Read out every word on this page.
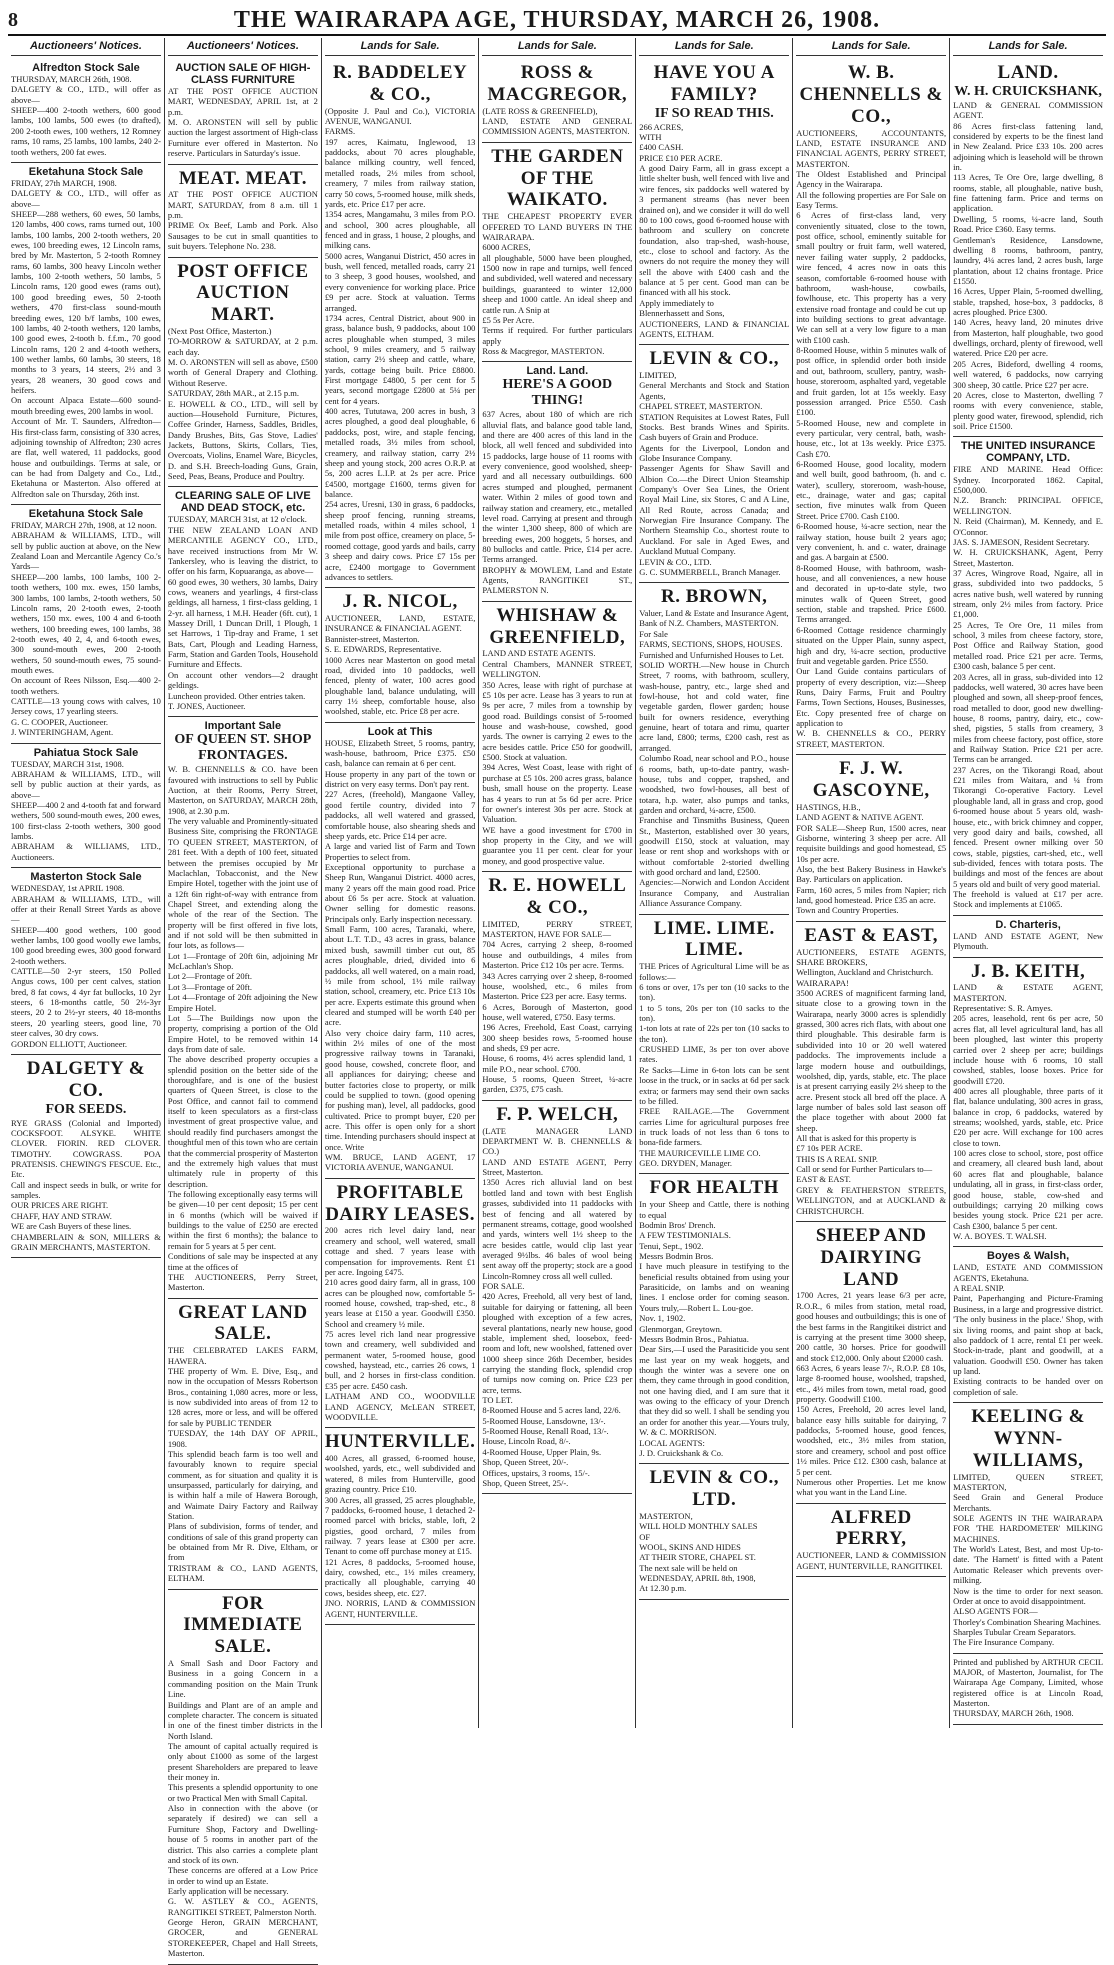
8	THE WAIRARAPA AGE, THURSDAY, MARCH 26, 1908.
Auctioneers' Notices.
Alfredton Stock Sale
THURSDAY, MARCH 26th, 1908.
DALGETY & CO., LTD., will offer as above—
SHEEP—400 2-tooth wethers, 600 good lambs, 100 lambs, 500 ewes (to drafted), 200 2-tooth ewes, 100 wethers, 12 Romney rams, 10 rams, 25 lambs, 100 lambs, 240 2-tooth wethers, 200 fat ewes.
Eketahuna Stock Sale
FRIDAY, 27th MARCH, 1908.
DALGETY & CO., LTD., will offer as above—
SHEEP—288 wethers, 60 ewes, 50 lambs, 120 lambs, 400 cows, rams turned out, 100 lambs, 100 lambs, 200 2-tooth wethers, 20 ewes, 100 breeding ewes, 12 Lincoln rams, bred by Mr. Masterton, 5 2-tooth Romney rams, 60 lambs, 300 heavy Lincoln wether lambs, 100 2-tooth wethers, 50 lambs, 5 Lincoln rams, 120 good ewes (rams out), 100 good breeding ewes, 50 2-tooth wethers, 470 first-class sound-mouth breeding ewes, 120 b/f lambs, 100 ewes, 100 lambs, 40 2-tooth wethers, 120 lambs, 100 good ewes, 2-tooth b. f.f.m., 70 good Lincoln rams, 120 2 and 4-tooth wethers, 100 wether lambs, 60 lambs, 30 steers, 18 months to 3 years, 14 steers, 2½ and 3 years, 28 weaners, 30 good cows and heifers.
On account Alpaca Estate—600 sound-mouth breeding ewes, 200 lambs in wool.
Account of Mr. T. Saunders, Alfredton—His first-class farm, consisting of 330 acres, adjoining township of Alfredton; 230 acres are flat, well watered, 11 paddocks, good house and outbuildings. Terms at sale, or can be had from Dalgety and Co., Ltd., Eketahuna or Masterton. Also offered at Alfredton sale on Thursday, 26th inst.
Eketahuna Stock Sale
FRIDAY, MARCH 27th, 1908, at 12 noon.
ABRAHAM & WILLIAMS, LTD., will sell by public auction at above, on the New Zealand Loan and Mercantile Agency Co.'s Yards—
SHEEP—200 lambs, 100 lambs, 100 2-tooth wethers, 100 mx. ewes, 150 lambs, 300 lambs, 100 lambs, 2-tooth wethers, 50 Lincoln rams, 20 2-tooth ewes, 2-tooth wethers, 150 mx. ewes, 100 4 and 6-tooth wethers, 100 breeding ewes, 100 lambs, 38 2-tooth ewes, 40 2, 4, and 6-tooth ewes, 300 sound-mouth ewes, 200 2-tooth wethers, 50 sound-mouth ewes, 75 sound-mouth ewes.
On account of Rees Nilsson, Esq.—400 2-tooth wethers.
CATTLE—13 young cows with calves, 10 Jersey cows, 17 yearling steers.
G. C. COOPER, Auctioneer.
J. WINTERINGHAM, Agent.
Pahiatua Stock Sale
TUESDAY, MARCH 31st, 1908.
ABRAHAM & WILLIAMS, LTD., will sell by public auction at their yards, as above—
SHEEP—400 2 and 4-tooth fat and forward wethers, 500 sound-mouth ewes, 200 ewes, 100 first-class 2-tooth wethers, 300 good lambs.
ABRAHAM & WILLIAMS, LTD., Auctioneers.
Masterton Stock Sale
WEDNESDAY, 1st APRIL 1908.
ABRAHAM & WILLIAMS, LTD., will offer at their Renall Street Yards as above—
SHEEP—400 good wethers, 100 good wether lambs, 100 good woolly ewe lambs, 100 good breeding ewes, 300 good forward 2-tooth wethers.
CATTLE—50 2-yr steers, 150 Polled Angus cows, 100 per cent calves, station bred, 8 fat cows, 4 4yr fat bullocks, 10 2yr steers, 6 18-months cattle, 50 2½-3yr steers, 20 2 to 2½-yr steers, 40 18-months steers, 20 yearling steers, good line, 70 steer calves, 30 dry cows.
GORDON ELLIOTT, Auctioneer.
DALGETY & CO.
FOR SEEDS.
RYE GRASS (Colonial and Imported) COCKSFOOT. ALSYKE. WHITE CLOVER. FIORIN. RED CLOVER. TIMOTHY. COWGRASS. POA PRATENSIS. CHEWING'S FESCUE. Etc., Etc.
Call and inspect seeds in bulk, or write for samples.
OUR PRICES ARE RIGHT.
CHAFF, HAY AND STRAW.
WE are Cash Buyers of these lines.
CHAMBERLAIN & SON, MILLERS & GRAIN MERCHANTS, MASTERTON.
Auctioneers' Notices.
AUCTION SALE OF HIGH-CLASS FURNITURE
AT THE POST OFFICE AUCTION MART, WEDNESDAY, APRIL 1st, at 2 p.m.
M. O. ARONSTEN will sell by public auction the largest assortment of High-class Furniture ever offered in Masterton. No reserve. Particulars in Saturday's issue.
MEAT. MEAT.
AT THE POST OFFICE AUCTION MART, SATURDAY, from 8 a.m. till 1 p.m.
PRIME Ox Beef, Lamb and Pork. Also Sausages to be cut in small quantities to suit buyers. Telephone No. 238.
POST OFFICE AUCTION MART.
(Next Post Office, Masterton.)
TO-MORROW & SATURDAY, at 2 p.m. each day.
M. O. ARONSTEN will sell as above, £500 worth of General Drapery and Clothing. Without Reserve.
SATURDAY, 28th MAR., at 2.15 p.m.
E. HOWELL & CO., LTD., will sell by auction—Household Furniture, Pictures, Coffee Grinder, Harness, Saddles, Bridles, Dandy Brushes, Bits, Gas Stove, Ladies' Jackets, Buttons, Skirts, Collars, Ties, Overcoats, Violins, Enamel Ware, Bicycles, D. and S.H. Breech-loading Guns, Grain, Seed, Peas, Beans, Produce and Poultry.
CLEARING SALE OF LIVE AND DEAD STOCK, etc.
TUESDAY, MARCH 31st, at 12 o'clock.
THE NEW ZEALAND LOAN AND MERCANTILE AGENCY CO., LTD., have received instructions from Mr W. Tankersley, who is leaving the district, to offer on his farm, Kopuaranga, as above—
60 good ewes, 30 wethers, 30 lambs, Dairy cows, weaners and yearlings, 4 first-class geldings, all harness, 1 first-class gelding, 1 2-yr. all harness, 1 M.H. Header (6ft. cut), 1 Massey Drill, 1 Duncan Drill, 1 Plough, 1 set Harrows, 1 Tip-dray and Frame, 1 set Bats, Cart, Plough and Leading Harness, Farm, Station and Garden Tools, Household Furniture and Effects.
On account other vendors—2 draught geldings.
Luncheon provided. Other entries taken.
T. JONES, Auctioneer.
Important Sale
OF QUEEN ST. SHOP FRONTAGES.
W. B. CHENNELLS & CO. have been favoured with instructions to sell by Public Auction, at their Rooms, Perry Street, Masterton, on SATURDAY, MARCH 28th, 1908, at 2.30 p.m.
The very valuable and Prominently-situated Business Site, comprising the FRONTAGE TO QUEEN STREET, MASTERTON, of 281 feet. With a depth of 100 feet, situated between the premises occupied by Mr Maclachlan, Tobacconist, and the New Empire Hotel, together with the joint use of a 12ft 6in right-of-way with entrance from Chapel Street, and extending along the whole of the rear of the Section. The property will be first offered in five lots, and if not sold will be then submitted in four lots, as follows—
Lot 1—Frontage of 20ft 6in, adjoining Mr McLachlan's Shop.
Lot 2—Frontage of 20ft.
Lot 3—Frontage of 20ft.
Lot 4—Frontage of 20ft adjoining the New Empire Hotel.
Lot 5—The Buildings now upon the property, comprising a portion of the Old Empire Hotel, to be removed within 14 days from date of sale.
The above described property occupies a splendid position on the better side of the thoroughfare, and is one of the busiest quarters of Queen Street, is close to the Post Office, and cannot fail to commend itself to keen speculators as a first-class investment of great prospective value, and should readily find purchasers amongst the thoughtful men of this town who are certain that the commercial prosperity of Masterton and the extremely high values that must ultimately rule in property of this description.
The following exceptionally easy terms will be given—10 per cent deposit; 15 per cent in 6 months (which will be waived if buildings to the value of £250 are erected within the first 6 months); the balance to remain for 5 years at 5 per cent.
Conditions of sale may be inspected at any time at the offices of
THE AUCTIONEERS, Perry Street, Masterton.
GREAT LAND SALE.
THE CELEBRATED LAKES FARM, HAWERA.
THE property of Wm. E. Dive, Esq., and now in the occupation of Messrs Robertson Bros., containing 1,080 acres, more or less, is now subdivided into areas of from 12 to 128 acres, more or less, and will be offered for sale by PUBLIC TENDER
TUESDAY, the 14th DAY OF APRIL, 1908.
This splendid beach farm is too well and favourably known to require special comment, as for situation and quality it is unsurpassed, particularly for dairying, and is within half a mile of Hawera Borough, and Waimate Dairy Factory and Railway Station.
Plans of subdivision, forms of tender, and conditions of sale of this grand property can be obtained from Mr R. Dive, Eltham, or from
TRISTRAM & CO., LAND AGENTS, ELTHAM.
FOR IMMEDIATE SALE.
A Small Sash and Door Factory and Business in a going Concern in a commanding position on the Main Trunk Line.
Buildings and Plant are of an ample and complete character. The concern is situated in one of the finest timber districts in the North Island.
The amount of capital actually required is only about £1000 as some of the largest present Shareholders are prepared to leave their money in.
This presents a splendid opportunity to one or two Practical Men with Small Capital.
Also in connection with the above (or separately if desired) we can sell a Furniture Shop, Factory and Dwelling-house of 5 rooms in another part of the district. This also carries a complete plant and stock of its own.
These concerns are offered at a Low Price in order to wind up an Estate.
Early application will be necessary.
G. W. ASTLEY & CO., AGENTS, RANGITIKEI STREET, Palmerston North.
George Heron, GRAIN MERCHANT, GROCER, and GENERAL STOREKEEPER, Chapel and Hall Streets, Masterton.
Lands for Sale.
R. BADDELEY & CO.,
(Opposite J. Paul and Co.), VICTORIA AVENUE, WANGANUI.
FARMS.
197 acres, Kaimatu, Inglewood, 13 paddocks, about 70 acres ploughable, balance milking country, well fenced, metalled roads, 2½ miles from school, creamery, 7 miles from railway station, carry 50 cows, 5-roomed house, milk sheds, yards, etc. Price £17 per acre.
1354 acres, Mangamahu, 3 miles from P.O. and school, 300 acres ploughable, all fenced and in grass, 1 house, 2 ploughs, and milking cans.
5000 acres, Wanganui District, 450 acres in bush, well fenced, metalled roads, carry 21 to 3 sheep, 3 good houses, woolshed, and every convenience for working place. Price £9 per acre. Stock at valuation. Terms arranged.
1734 acres, Central District, about 900 in grass, balance bush, 9 paddocks, about 100 acres ploughable when stumped, 3 miles school, 9 miles creamery, and 5 railway station, carry 2½ sheep and cattle, whare, yards, cottage being built. Price £8800. First mortgage £4800, 5 per cent for 5 years, second mortgage £2800 at 5¼ per cent for 4 years.
400 acres, Tututawa, 200 acres in bush, 3 acres ploughed, a good deal ploughable, 6 paddocks, post, wire, and staple fencing, metalled roads, 3½ miles from school, creamery, and railway station, carry 2½ sheep and young stock, 200 acres O.R.P. at 5s, 200 acres L.I.P. at 2s per acre. Price £4500, mortgage £1600, terms given for balance.
254 acres, Uresni, 130 in grass, 6 paddocks, sheep proof fencing, running streams, metalled roads, within 4 miles school, 1 mile from post office, creamery on place, 5-roomed cottage, good yards and bails, carry 3 sheep and dairy cows. Price £7 15s per acre, £2400 mortgage to Government advances to settlers.
J. R. NICOL,
AUCTIONEER, LAND, ESTATE, INSURANCE & FINANCIAL AGENT.
Bannister-street, Masterton.
S. E. EDWARDS, Representative.
1000 Acres near Masterton on good metal road, divided into 10 paddocks, well fenced, plenty of water, 100 acres good ploughable land, balance undulating, will carry 1½ sheep, comfortable house, also woolshed, stable, etc. Price £8 per acre.
Look at This
HOUSE, Elizabeth Street, 5 rooms, pantry, wash-house, bathroom, Price £375. £50 cash, balance can remain at 6 per cent.
House property in any part of the town or district on very easy terms. Don't pay rent.
227 Acres, (freehold), Mangaone Valley, good fertile country, divided into 7 paddocks, all well watered and grassed, comfortable house, also shearing sheds and sheep yards, etc. Price £14 per acre.
A large and varied list of Farm and Town Properties to select from.
Exceptional opportunity to purchase a Sheep Run, Wanganui District. 4000 acres, many 2 years off the main good road. Price about £6 5s per acre. Stock at valuation. Owner selling for domestic reasons. Principals only. Early inspection necessary.
Small Farm, 100 acres, Taranaki, where, about L.T. T.D., 43 acres in grass, balance mixed bush, sawmill timber cut out, 85 acres ploughable, dried, divided into 6 paddocks, all well watered, on a main road, ½ mile from school, 1½ mile railway station, school, creamery, etc. Price £13 10s per acre. Experts estimate this ground when cleared and stumped will be worth £40 per acre.
Also very choice dairy farm, 110 acres, within 2½ miles of one of the most progressive railway towns in Taranaki, good house, cowshed, concrete floor, and all appliances for dairying; cheese and butter factories close to property, or milk could be supplied to town. (good opening for pushing man), level, all paddocks, good cultivated. Price to prompt buyer, £20 per acre. This offer is open only for a short time. Intending purchasers should inspect at once. Write
WM. BRUCE, LAND AGENT, 17 VICTORIA AVENUE, WANGANUI.
PROFITABLE DAIRY LEASES.
200 acres rich level dairy land, near creamery and school, well watered, small cottage and shed. 7 years lease with compensation for improvements. Rent £1 per acre. Ingoing £475.
210 acres good dairy farm, all in grass, 100 acres can be ploughed now, comfortable 5-roomed house, cowshed, trap-shed, etc., 8 years lease at £150 a year. Goodwill £350. School and creamery ½ mile.
75 acres level rich land near progressive town and creamery, well subdivided and permanent water, 5-roomed house, good cowshed, haystead, etc., carries 26 cows, 1 bull, and 2 horses in first-class condition. £35 per acre. £450 cash.
LATHAM AND CO., WOODVILLE LAND AGENCY, McLEAN STREET, WOODVILLE.
HUNTERVILLE.
400 Acres, all grassed, 6-roomed house, woolshed, yards, etc., well subdivided and watered, 8 miles from Hunterville, good grazing country. Price £10.
300 Acres, all grassed, 25 acres ploughable, 7 paddocks, 6-roomed house, 1 detached 2-roomed parcel with bricks, stable, loft, 2 pigsties, good orchard, 7 miles from railway. 7 years lease at £300 per acre. Tenant to come off purchase money at £15.
121 Acres, 8 paddocks, 5-roomed house, dairy, cowshed, etc., 1½ miles creamery, practically all ploughable, carrying 40 cows, besides sheep, etc. £27.
JNO. NORRIS, LAND & COMMISSION AGENT, HUNTERVILLE.
Lands for Sale.
ROSS & MACGREGOR,
(LATE ROSS & GREENFIELD),
LAND, ESTATE AND GENERAL COMMISSION AGENTS, MASTERTON.
THE GARDEN OF THE WAIKATO.
THE CHEAPEST PROPERTY EVER OFFERED TO LAND BUYERS IN THE WAIRARAPA.
6000 ACRES,
all ploughable, 5000 have been ploughed, 1500 now in rape and turnips, well fenced and subdivided, well watered and necessary buildings, guaranteed to winter 12,000 sheep and 1000 cattle. An ideal sheep and cattle run. A Snip at
£5 5s Per Acre.
Terms if required. For further particulars apply
Ross & Macgregor, MASTERTON.
Land. Land.
HERE'S A GOOD THING!
637 Acres, about 180 of which are rich alluvial flats, and balance good table land, and there are 400 acres of this land in the block, all well fenced and subdivided into 15 paddocks, large house of 11 rooms with every convenience, good woolshed, sheep-yard and all necessary outbuildings. 600 acres stumped and ploughed, permanent water. Within 2 miles of good town and railway station and creamery, etc., metalled level road. Carrying at present and through the winter 1,300 sheep, 800 of which are breeding ewes, 200 hoggets, 5 horses, and 80 bullocks and cattle. Price, £14 per acre. Terms arranged.
BROPHY & MOWLEM, Land and Estate Agents, RANGITIKEI ST., PALMERSTON N.
WHISHAW & GREENFIELD,
LAND AND ESTATE AGENTS.
Central Chambers, MANNER STREET, WELLINGTON.
350 Acres, lease with right of purchase at £5 10s per acre. Lease has 3 years to run at 9s per acre, 7 miles from a township by good road. Buildings consist of 5-roomed house and wash-house, cowshed, good yards. The owner is carrying 2 ewes to the acre besides cattle. Price £50 for goodwill, £500. Stock at valuation.
394 Acres, West Coast, lease with right of purchase at £5 10s. 200 acres grass, balance bush, small house on the property. Lease has 4 years to run at 5s 6d per acre. Price for owner's interest 30s per acre. Stock at Valuation.
WE have a good investment for £700 in shop property in the City, and we will guarantee you 11 per cent. clear for your money, and good prospective value.
R. E. HOWELL & CO.,
LIMITED, PERRY STREET, MASTERTON, HAVE FOR SALE—
704 Acres, carrying 2 sheep, 8-roomed house and outbuildings, 4 miles from Masterton. Price £12 10s per acre. Terms.
343 Acres carrying over 2 sheep, 8-roomed house, woolshed, etc., 6 miles from Masterton. Price £23 per acre. Easy terms.
6 Acres, Borough of Masterton, good house, well watered, £750. Easy terms.
196 Acres, Freehold, East Coast, carrying 300 sheep besides rows, 5-roomed house and sheds, £9 per acre.
House, 6 rooms, 4½ acres splendid land, 1 mile P.O., near school. £700.
House, 5 rooms, Queen Street, ¼-acre garden, £375, £75 cash.
F. P. WELCH,
(LATE MANAGER LAND DEPARTMENT W. B. CHENNELLS & CO.)
LAND AND ESTATE AGENT, Perry Street, Masterton.
1350 Acres rich alluvial land on best bottled land and town with best English grasses, subdivided into 11 paddocks with best of fencing and all watered by permanent streams, cottage, good woolshed and yards, winters well 1½ sheep to the acre besides cattle, would clip last year averaged 9½lbs. 46 bales of wool being sent away off the property; stock are a good Lincoln-Romney cross all well culled.
FOR SALE.
420 Acres, Freehold, all very best of land, suitable for dairying or fattening, all been ploughed with exception of a few acres, several plantations, nearly new house, good stable, implement shed, loosebox, feed-room and loft, new woolshed, fattened over 1000 sheep since 26th December, besides carrying the standing flock, splendid crop of turnips now coming on. Price £23 per acre, terms.
TO LET.
8-Roomed House and 5 acres land, 22/6.
5-Roomed House, Lansdowne, 13/-.
5-Roomed House, Renall Road, 13/-.
House, Lincoln Road, 8/-.
4-Roomed House, Upper Plain, 9s.
Shop, Queen Street, 20/-.
Offices, upstairs, 3 rooms, 15/-.
Shop, Queen Street, 25/-.
Lands for Sale.
HAVE YOU A FAMILY?
IF SO READ THIS.
266 ACRES,
WITH
£400 CASH.
PRICE £10 PER ACRE.
A good Dairy Farm, all in grass except a little shelter bush, well fenced with live and wire fences, six paddocks well watered by 3 permanent streams (has never been drained on), and we consider it will do well 80 to 100 cows, good 6-roomed house with bathroom and scullery on concrete foundation, also trap-shed, wash-house, etc., close to school and factory. As the owners do not require the money they will sell the above with £400 cash and the balance at 5 per cent. Good man can be financed with all his stock.
Apply immediately to
Blennerhassett and Sons,
AUCTIONEERS, LAND & FINANCIAL AGENTS, ELTHAM.
LEVIN & CO.,
LIMITED,
General Merchants and Stock and Station Agents,
CHAPEL STREET, MASTERTON.
STATION Requisites at Lowest Rates, Full Stocks. Best brands Wines and Spirits. Cash buyers of Grain and Produce.
Agents for the Liverpool, London and Globe Insurance Company.
Passenger Agents for Shaw Savill and Albion Co.—the Direct Union Steamship Company's Over Sea Lines, the Orient Royal Mail Line, six Stores, C and A Line, All Red Route, across Canada; and Norwegian Fire Insurance Company. The Northern Steamship Co., shortest route to Auckland. For sale in Aged Ewes, and Auckland Mutual Company.
LEVIN & CO., LTD.
G. C. SUMMERBELL, Branch Manager.
R. BROWN,
Valuer, Land & Estate and Insurance Agent,
Bank of N.Z. Chambers, MASTERTON.
For Sale
FARMS, SECTIONS, SHOPS, HOUSES.
Furnished and Unfurnished Houses to Let.
SOLID WORTH.—New house in Church Street, 7 rooms, with bathroom, scullery, wash-house, pantry, etc., large shed and fowl-house, hot and cold water, fine vegetable garden, flower garden; house built for owners residence, everything genuine, heart of totara and rimu, quarter acre land, £800; terms, £200 cash, rest as arranged.
Columbo Road, near school and P.O., house 6 rooms, bath, up-to-date pantry, wash-house, tubs and copper, trapshed, and woodshed, two fowl-houses, all best of totara, h.p. water, also pumps and tanks, garden and orchard, ¼-acre, £500.
Franchise and Tinsmiths Business, Queen St., Masterton, established over 30 years, goodwill £150, stock at valuation, may lease or rent shop and workshops with or without comfortable 2-storied dwelling with good orchard and land, £2500.
Agencies:—Norwich and London Accident Insurance Company, and Australian Alliance Assurance Company.
LIME. LIME. LIME.
THE Prices of Agricultural Lime will be as follows:—
6 tons or over, 17s per ton (10 sacks to the ton).
1 to 5 tons, 20s per ton (10 sacks to the ton).
1-ton lots at rate of 22s per ton (10 sacks to the ton).
CRUSHED LIME, 3s per ton over above rates.
Re Sacks—Lime in 6-ton lots can be sent loose in the truck, or in sacks at 6d per sack extra; or farmers may send their own sacks to be filled.
FREE RAILAGE.—The Government carries Lime for agricultural purposes free in truck loads of not less than 6 tons to bona-fide farmers.
THE MAURICEVILLE LIME CO.
GEO. DRYDEN, Manager.
FOR HEALTH
In your Sheep and Cattle, there is nothing to equal
Bodmin Bros' Drench.
A FEW TESTIMONIALS.
Tenui, Sept., 1902.
Messrs Bodmin Bros.
I have much pleasure in testifying to the beneficial results obtained from using your Parasiticide, on lambs and on weaning lines. I enclose order for coming season. Yours truly,—Robert L. Lou-goe.
Nov. 1, 1902.
Glenmorgan, Greytown.
Messrs Bodmin Bros., Pahiatua.
Dear Sirs,—I used the Parasiticide you sent me last year on my weak hoggets, and though the winter was a severe one on them, they came through in good condition, not one having died, and I am sure that it was owing to the efficacy of your Drench that they did so well. I shall be sending you an order for another this year.—Yours truly, W. & C. MORRISON.
LOCAL AGENTS:
J. D. Cruickshank & Co.
LEVIN & CO., LTD.
MASTERTON,
WILL HOLD MONTHLY SALES
OF
WOOL, SKINS AND HIDES
AT THEIR STORE, CHAPEL ST.
The next sale will be held on
WEDNESDAY, APRIL 8th, 1908,
At 12.30 p.m.
Lands for Sale.
W. B. CHENNELLS & CO.,
AUCTIONEERS, ACCOUNTANTS, LAND, ESTATE INSURANCE AND FINANCIAL AGENTS, PERRY STREET, MASTERTON.
The Oldest Established and Principal Agency in the Wairarapa.
All the following properties are For Sale on Easy Terms.
6 Acres of first-class land, very conveniently situated, close to the town, post office, school, eminently suitable for small poultry or fruit farm, well watered, never failing water supply, 2 paddocks, wire fenced, 4 acres now in oats this season, comfortable 6-roomed house with bathroom, wash-house, cowbails, fowlhouse, etc. This property has a very extensive road frontage and could be cut up into building sections to great advantage. We can sell at a very low figure to a man with £100 cash.
8-Roomed House, within 5 minutes walk of post office, in splendid order both inside and out, bathroom, scullery, pantry, wash-house, storeroom, asphalted yard, vegetable and fruit garden, lot at 15s weekly. Easy possession arranged. Price £550. Cash £100.
5-Roomed House, new and complete in every particular, very central, bath, wash-house, etc., lot at 13s weekly. Price £375. Cash £70.
6-Roomed House, good locality, modern and well built, good bathroom, (h. and c. water), scullery, storeroom, wash-house, etc., drainage, water and gas; capital section, five minutes walk from Queen Street. Price £700. Cash £100.
6-Roomed house, ¼-acre section, near the railway station, house built 2 years ago; very convenient, h. and c. water, drainage and gas. A bargain at £500.
8-Roomed House, with bathroom, wash-house, and all conveniences, a new house and decorated in up-to-date style, two minutes walk of Queen Street, good section, stable and trapshed. Price £600. Terms arranged.
6-Roomed Cottage residence charmingly situated on the Upper Plain, sunny aspect, high and dry, ¼-acre section, productive fruit and vegetable garden. Price £550.
Our Land Guide contains particulars of property of every description, viz:—Sheep Runs, Dairy Farms, Fruit and Poultry Farms, Town Sections, Houses, Businesses, Etc. Copy presented free of charge on application to
W. B. CHENNELLS & CO., PERRY STREET, MASTERTON.
F. J. W. GASCOYNE,
HASTINGS, H.B.,
LAND AGENT & NATIVE AGENT.
FOR SALE—Sheep Run, 1500 acres, near Gisborne, wintering 3 sheep per acre. All requisite buildings and good homestead, £5 10s per acre.
Also, the best Bakery Business in Hawke's Bay. Particulars on application.
Farm, 160 acres, 5 miles from Napier; rich land, good homestead. Price £35 an acre.
Town and Country Properties.
EAST & EAST,
AUCTIONEERS, ESTATE AGENTS, SHARE BROKERS,
Wellington, Auckland and Christchurch.
WAIRARAPA!
3500 ACRES of magnificent farming land, situate close to a growing town in the Wairarapa, nearly 3000 acres is splendidly grassed, 300 acres rich flats, with about one third ploughable. This desirable farm is subdivided into 10 or 20 well watered paddocks. The improvements include a large modern house and outbuildings, woolshed, dip, yards, stable, etc. The place is at present carrying easily 2½ sheep to the acre. Present stock all bred off the place. A large number of bales sold last season off the place together with about 2000 fat sheep.
All that is asked for this property is
£7 10s PER ACRE.
THIS IS A REAL SNIP.
Call or send for Further Particulars to—
EAST & EAST.
GREY & FEATHERSTON STREETS, WELLINGTON, and at AUCKLAND & CHRISTCHURCH.
SHEEP AND DAIRYING LAND
1700 Acres, 21 years lease 6/3 per acre, R.O.R., 6 miles from station, metal road, good houses and outbuildings; this is one of the best farms in the Rangitikei district and is carrying at the present time 3000 sheep, 200 cattle, 30 horses. Price for goodwill and stock £12,000. Only about £2000 cash.
663 Acres, 6 years lease 7/-, R.O.P. £8 10s, large 8-roomed house, woolshed, trapshed, etc., 4½ miles from town, metal road, good property. Goodwill £100.
150 Acres, Freehold, 20 acres level land, balance easy hills suitable for dairying, 7 paddocks, 5-roomed house, good fences, woodshed, etc., 3½ miles from station, store and creamery, school and post office 1½ miles. Price £12. £300 cash, balance at 5 per cent.
Numerous other Properties. Let me know what you want in the Land Line.
ALFRED PERRY,
AUCTIONEER, LAND & COMMISSION AGENT, HUNTERVILLE, RANGITIKEI.
Lands for Sale.
LAND.
W. H. CRUICKSHANK,
LAND & GENERAL COMMISSION AGENT.
86 Acres first-class fattening land, considered by experts to be the finest land in New Zealand. Price £33 10s. 200 acres adjoining which is leasehold will be thrown in.
113 Acres, Te Ore Ore, large dwelling, 8 rooms, stable, all ploughable, native bush, fine fattening farm. Price and terms on application.
Dwelling, 5 rooms, ¼-acre land, South Road. Price £360. Easy terms.
Gentleman's Residence, Lansdowne, dwelling 8 rooms, bathroom, pantry, laundry, 4¼ acres land, 2 acres bush, large plantation, about 12 chains frontage. Price £1550.
16 Acres, Upper Plain, 5-roomed dwelling, stable, trapshed, hose-box, 3 paddocks, 8 acres ploughed. Price £300.
140 Acres, heavy land, 20 minutes drive from Masterton, half ploughable, two good dwellings, orchard, plenty of firewood, well watered. Price £20 per acre.
205 Acres, Bideford, dwelling 4 rooms, well watered, 6 paddocks, now carrying 300 sheep, 30 cattle. Price £27 per acre.
20 Acres, close to Masterton, dwelling 7 rooms with every convenience, stable, plenty good water, firewood, splendid, rich soil. Price £1500.
THE UNITED INSURANCE COMPANY, LTD.
FIRE AND MARINE. Head Office: Sydney. Incorporated 1862. Capital, £500,000.
N.Z. Branch: PRINCIPAL OFFICE, WELLINGTON.
N. Reid (Chairman), M. Kennedy, and E. O'Connor.
JAS. S. JAMESON, Resident Secretary.
W. H. CRUICKSHANK, Agent, Perry Street, Masterton.
37 Acres, Wingrove Road, Ngaire, all in grass, subdivided into two paddocks, 5 acres native bush, well watered by running stream, only 2½ miles from factory. Price £1,000.
25 Acres, Te Ore Ore, 11 miles from school, 3 miles from cheese factory, store, Post Office and Railway Station, good metalled road. Price £21 per acre. Terms, £300 cash, balance 5 per cent.
203 Acres, all in grass, sub-divided into 12 paddocks, well watered, 30 acres have been ploughed and sown, all sheep-proof fences, road metalled to door, good new dwelling-house, 8 rooms, pantry, dairy, etc., cow-shed, pigsties, 5 stalls from creamery, 3 miles from cheese factory, post office, store and Railway Station. Price £21 per acre. Terms can be arranged.
237 Acres, on the Tikorangi Road, about £21 miles from Waitara, and ¼ from Tikorangi Co-operative Factory. Level ploughable land, all in grass and crop, good 6-roomed house about 5 years old, wash-house, etc., with brick chimney and copper, very good dairy and bails, cowshed, all fenced. Present owner milking over 50 cows, stable, pigsties, cart-shed, etc., well sub-divided, fences with totara posts. The buildings and most of the fences are about 5 years old and built of very good material.
The freehold is valued at £17 per acre. Stock and implements at £1065.
D. Charteris,
LAND AND ESTATE AGENT, New Plymouth.
J. B. KEITH,
LAND & ESTATE AGENT, MASTERTON.
Representative: S. R. Amyes.
205 acres, leasehold, rent 6s per acre, 50 acres flat, all level agricultural land, has all been ploughed, last winter this property carried over 2 sheep per acre; buildings include house with 6 rooms, 10 stall cowshed, stables, loose boxes. Price for goodwill £720.
400 acres all ploughable, three parts of it flat, balance undulating, 300 acres in grass, balance in crop, 6 paddocks, watered by streams; woolshed, yards, stable, etc. Price £20 per acre. Will exchange for 100 acres close to town.
100 acres close to school, store, post office and creamery, all cleared bush land, about 60 acres flat and ploughable, balance undulating, all in grass, in first-class order, good house, stable, cow-shed and outbuildings; carrying 20 milking cows besides young stock. Price £21 per acre. Cash £300, balance 5 per cent.
W. A. BOYES. T. WALSH.
Boyes & Walsh,
LAND, ESTATE AND COMMISSION AGENTS, Eketahuna.
A REAL SNIP.
Paint, Paperhanging and Picture-Framing Business, in a large and progressive district. 'The only business in the place.' Shop, with six living rooms, and paint shop at back, also paddock of 1 acre, rental £1 per week. Stock-in-trade, plant and goodwill, at a valuation. Goodwill £50. Owner has taken up land.
Existing contracts to be handed over on completion of sale.
KEELING & WYNN-WILLIAMS,
LIMITED, QUEEN STREET, MASTERTON,
Seed Grain and General Produce Merchants.
SOLE AGENTS IN THE WAIRARAPA FOR 'THE HARDOMETER' MILKING MACHINES.
The World's Latest, Best, and most Up-to-date. 'The Harnett' is fitted with a Patent Automatic Releaser which prevents over-milking.
Now is the time to order for next season. Order at once to avoid disappointment.
ALSO AGENTS FOR—
Thorley's Combination Shearing Machines.
Sharples Tubular Cream Separators.
The Fire Insurance Company.
Printed and published by ARTHUR CECIL MAJOR, of Masterton, Journalist, for The Wairarapa Age Company, Limited, whose registered office is at Lincoln Road, Masterton.
THURSDAY, MARCH 26th, 1908.
